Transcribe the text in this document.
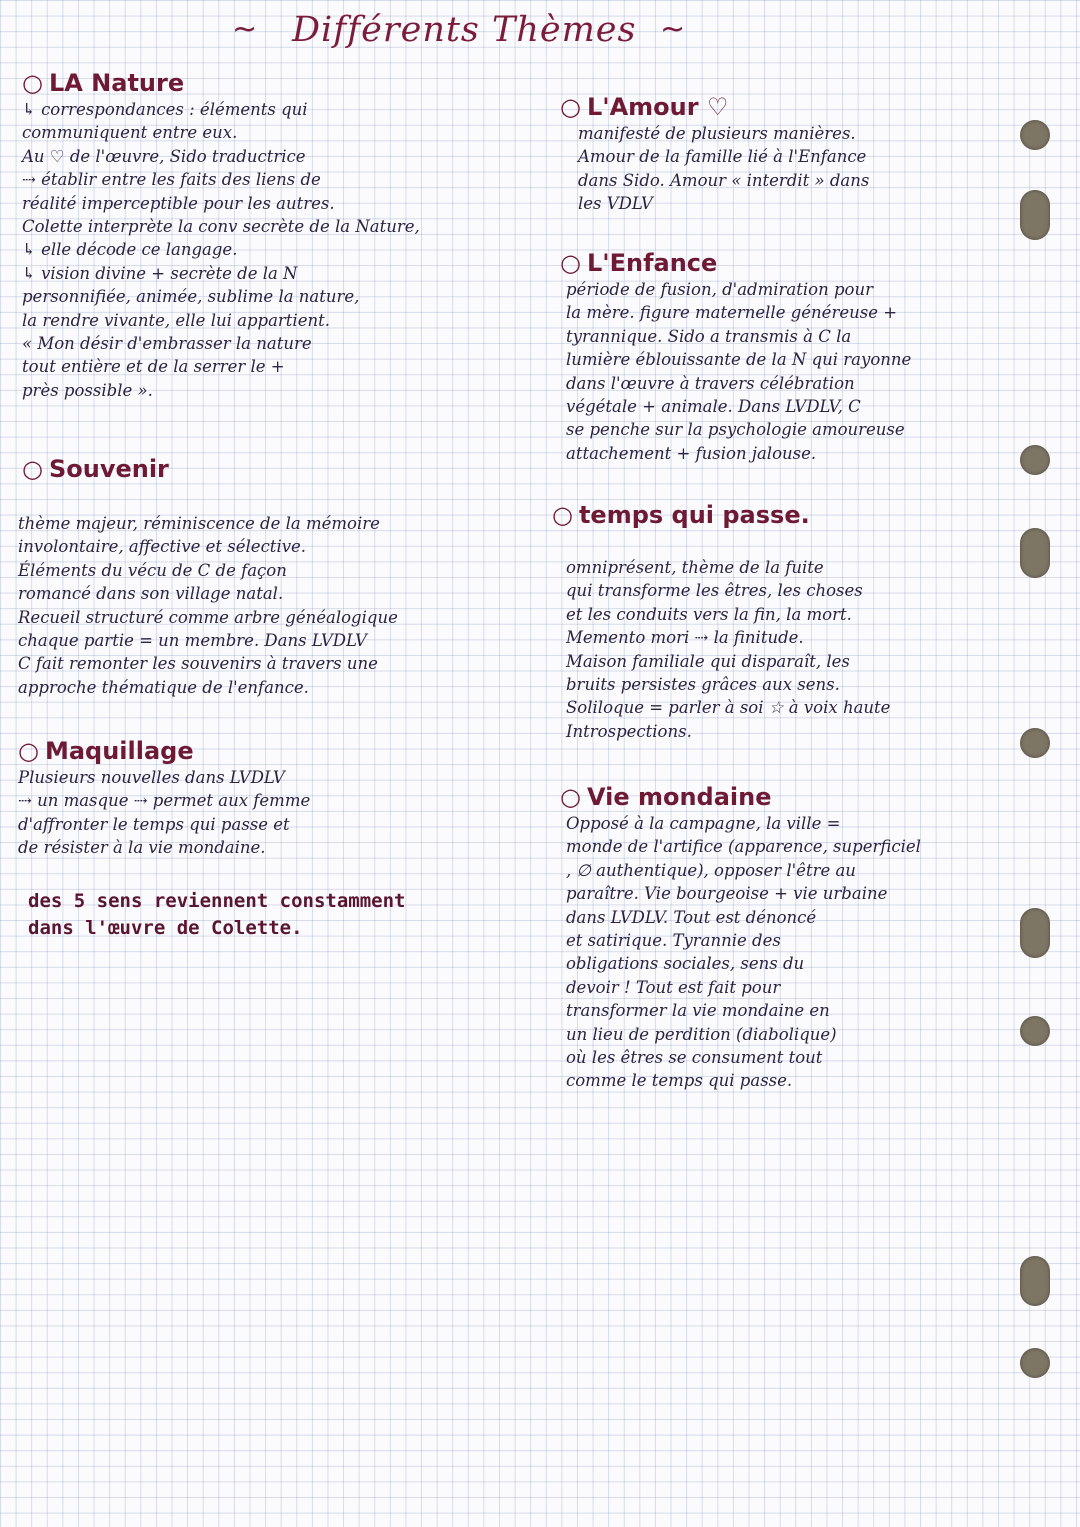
~ Différents Thèmes ~
○ LA Nature
↳ correspondances : éléments qui
communiquent entre eux.
Au ♡ de l'œuvre, Sido traductrice
⇢ établir entre les faits des liens de
réalité imperceptible pour les autres.
Colette interprète la conv secrète de la Nature,
↳ elle décode ce langage.
↳ vision divine + secrète de la N
personnifiée, animée, sublime la nature,
la rendre vivante, elle lui appartient.
« Mon désir d'embrasser la nature
tout entière et de la serrer le +
près possible ».
○ Souvenir
thème majeur, réminiscence de la mémoire
involontaire, affective et sélective.
Éléments du vécu de C de façon
romancé dans son village natal.
Recueil structuré comme arbre généalogique
chaque partie = un membre. Dans LVDLV
C fait remonter les souvenirs à travers une
approche thématique de l'enfance.
○ Maquillage
Plusieurs nouvelles dans LVDLV
⇢ un masque ⇢ permet aux femme
d'affronter le temps qui passe et
de résister à la vie mondaine.
des 5 sens reviennent constamment
dans l'œuvre de Colette.
○ L'Amour ♡
manifesté de plusieurs manières.
Amour de la famille lié à l'Enfance
dans Sido. Amour « interdit » dans
les VDLV
○ L'Enfance
période de fusion, d'admiration pour
la mère. figure maternelle généreuse +
tyrannique. Sido a transmis à C la
lumière éblouissante de la N qui rayonne
dans l'œuvre à travers célébration
végétale + animale. Dans LVDLV, C
se penche sur la psychologie amoureuse
attachement + fusion jalouse.
○ temps qui passe.
omniprésent, thème de la fuite
qui transforme les êtres, les choses
et les conduits vers la fin, la mort.
Memento mori ⇢ la finitude.
Maison familiale qui disparaît, les
bruits persistes grâces aux sens.
Soliloque = parler à soi ☆ à voix haute
Introspections.
○ Vie mondaine
Opposé à la campagne, la ville =
monde de l'artifice (apparence, superficiel
, ∅ authentique), opposer l'être au
paraître. Vie bourgeoise + vie urbaine
dans LVDLV. Tout est dénoncé
et satirique. Tyrannie des
obligations sociales, sens du
devoir ! Tout est fait pour
transformer la vie mondaine en
un lieu de perdition (diabolique)
où les êtres se consument tout
comme le temps qui passe.
